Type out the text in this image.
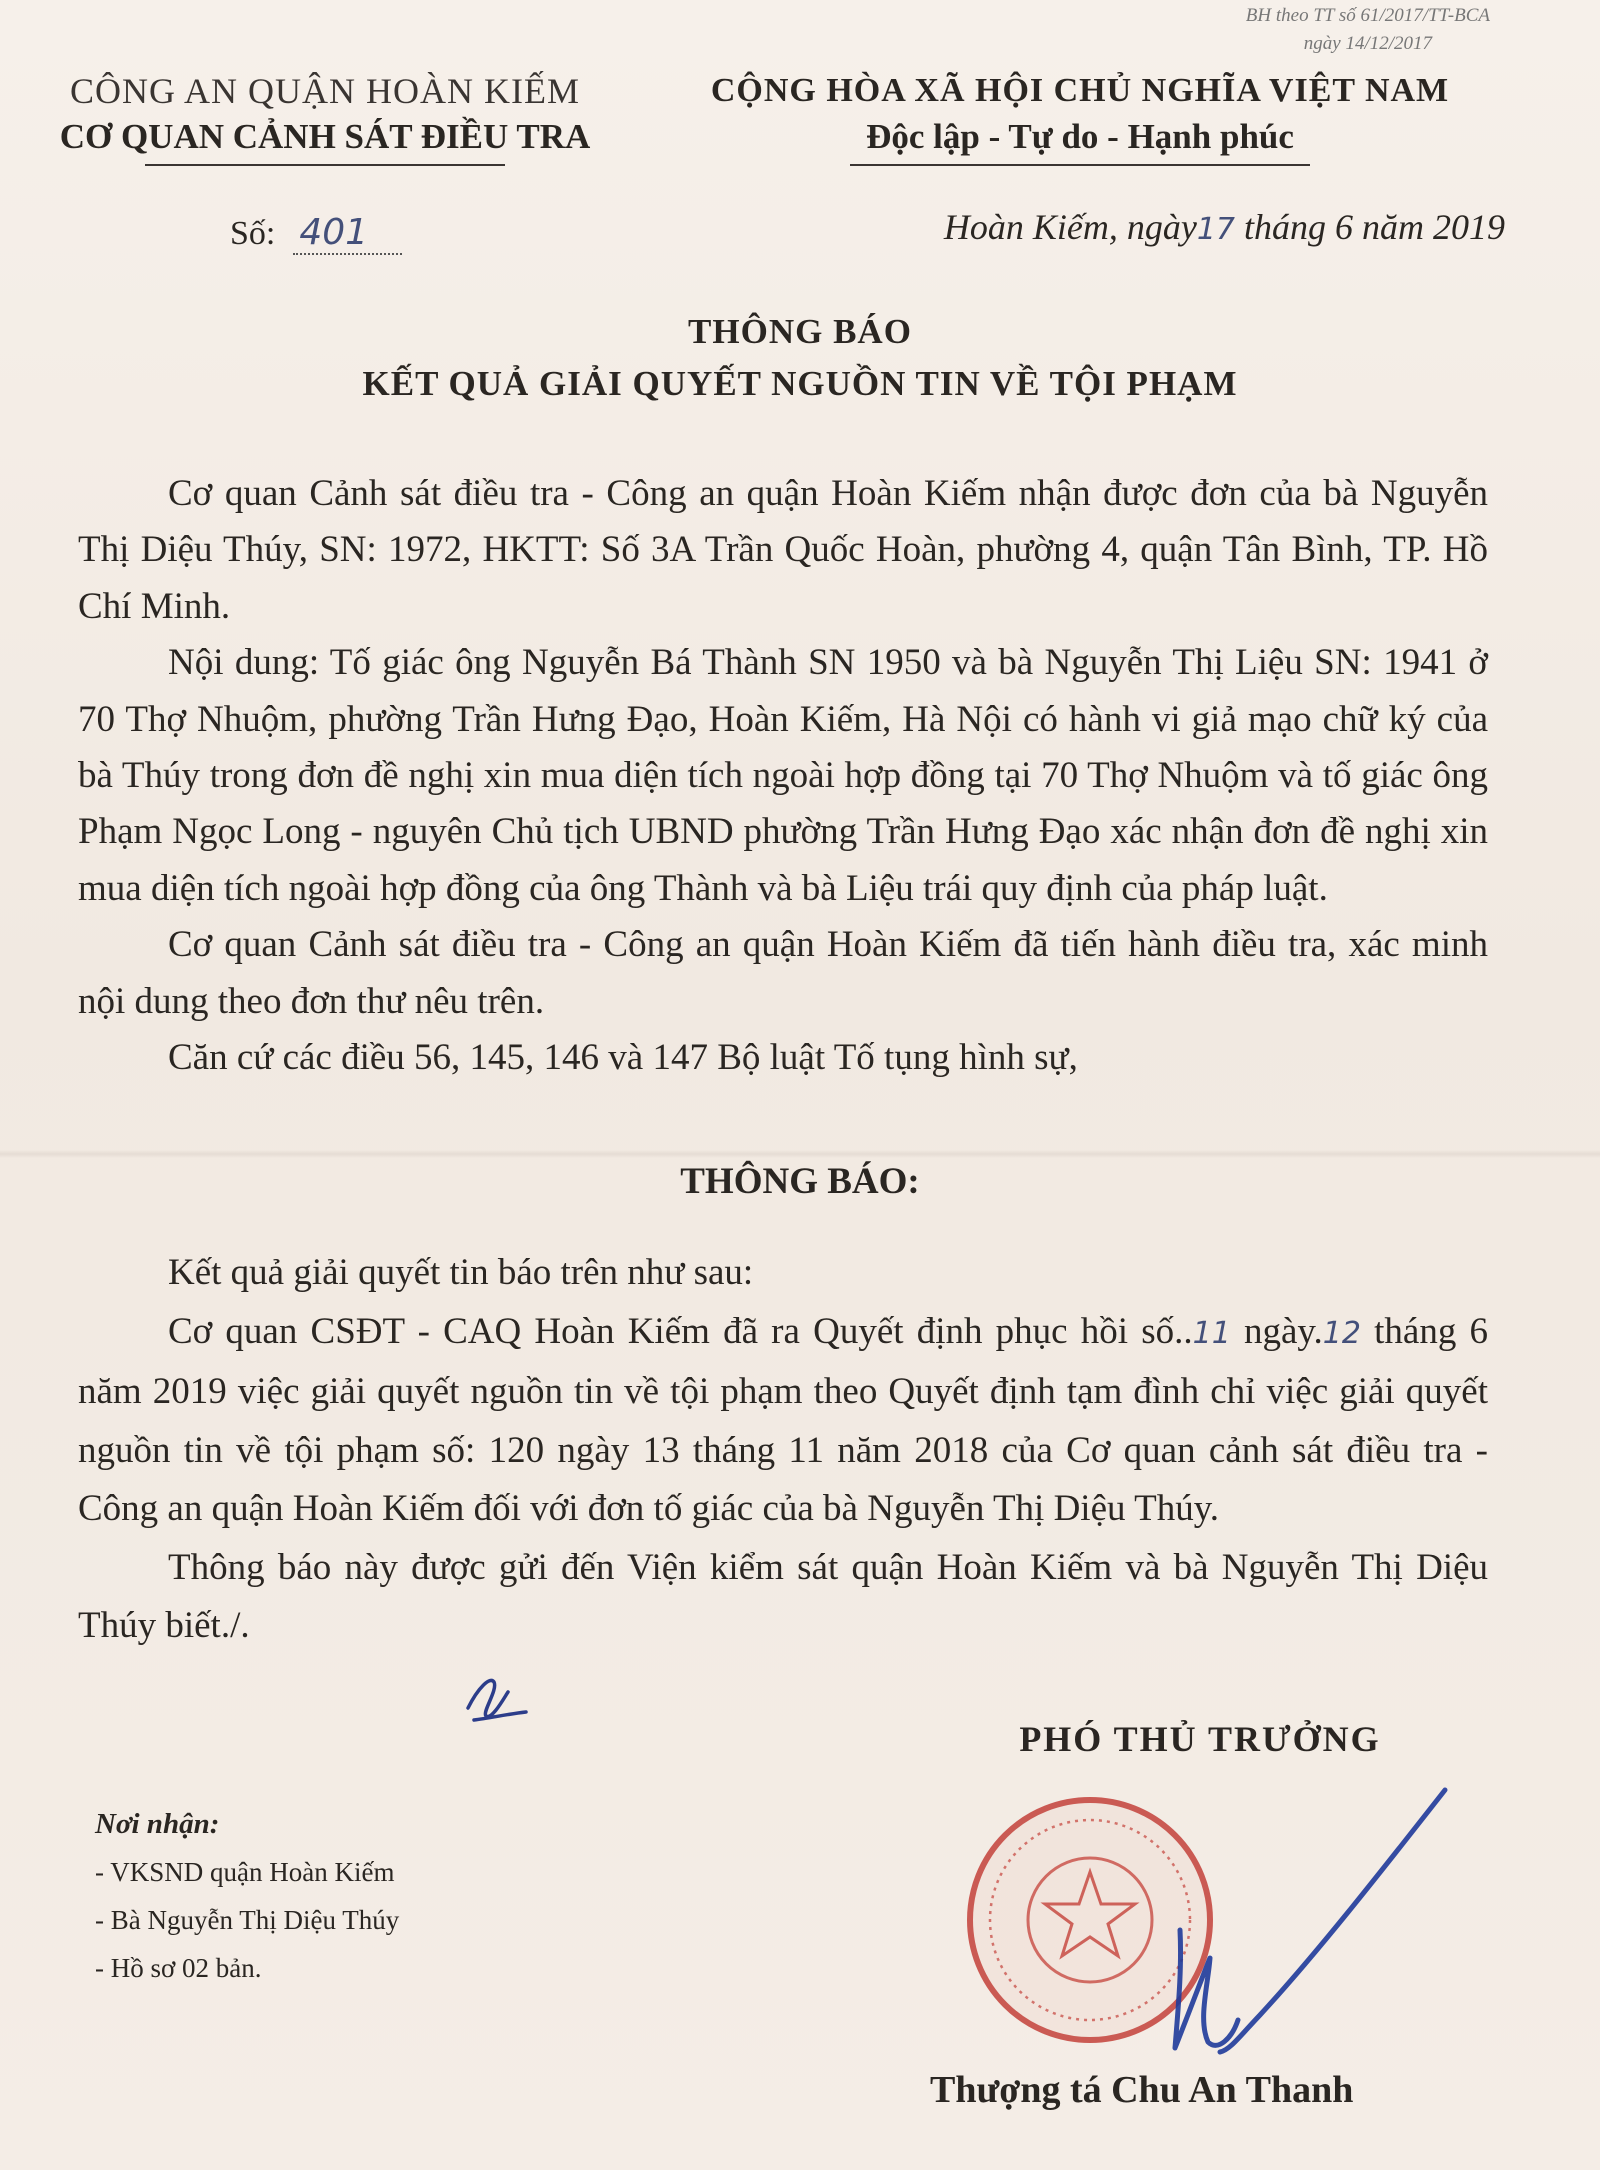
BH theo TT số 61/2017/TT-BCA
ngày 14/12/2017
CÔNG AN QUẬN HOÀN KIẾM
CƠ QUAN CẢNH SÁT ĐIỀU TRA
CỘNG HÒA XÃ HỘI CHỦ NGHĨA VIỆT NAM
Độc lập - Tự do - Hạnh phúc
Số: 401	Hoàn Kiếm, ngày17 tháng 6 năm 2019
THÔNG BÁO
KẾT QUẢ GIẢI QUYẾT NGUỒN TIN VỀ TỘI PHẠM

Cơ quan Cảnh sát điều tra - Công an quận Hoàn Kiếm nhận được đơn của bà Nguyễn Thị Diệu Thúy, SN: 1972, HKTT: Số 3A Trần Quốc Hoàn, phường 4, quận Tân Bình, TP. Hồ Chí Minh.

Nội dung: Tố giác ông Nguyễn Bá Thành SN 1950 và bà Nguyễn Thị Liệu SN: 1941 ở 70 Thợ Nhuộm, phường Trần Hưng Đạo, Hoàn Kiếm, Hà Nội có hành vi giả mạo chữ ký của bà Thúy trong đơn đề nghị xin mua diện tích ngoài hợp đồng tại 70 Thợ Nhuộm và tố giác ông Phạm Ngọc Long - nguyên Chủ tịch UBND phường Trần Hưng Đạo xác nhận đơn đề nghị xin mua diện tích ngoài hợp đồng của ông Thành và bà Liệu trái quy định của pháp luật.

Cơ quan Cảnh sát điều tra - Công an quận Hoàn Kiếm đã tiến hành điều tra, xác minh nội dung theo đơn thư nêu trên.

Căn cứ các điều 56, 145, 146 và 147 Bộ luật Tố tụng hình sự,

THÔNG BÁO:

Kết quả giải quyết tin báo trên như sau:

Cơ quan CSĐT - CAQ Hoàn Kiếm đã ra Quyết định phục hồi số..11 ngày.12 tháng 6 năm 2019 việc giải quyết nguồn tin về tội phạm theo Quyết định tạm đình chỉ việc giải quyết nguồn tin về tội phạm số: 120 ngày 13 tháng 11 năm 2018 của Cơ quan cảnh sát điều tra - Công an quận Hoàn Kiếm đối với đơn tố giác của bà Nguyễn Thị Diệu Thúy.

Thông báo này được gửi đến Viện kiểm sát quận Hoàn Kiếm và bà Nguyễn Thị Diệu Thúy biết./.

PHÓ THỦ TRƯỞNG
Nơi nhận:
- VKSND quận Hoàn Kiếm
- Bà Nguyễn Thị Diệu Thúy
- Hồ sơ 02 bản.
Thượng tá Chu An Thanh
